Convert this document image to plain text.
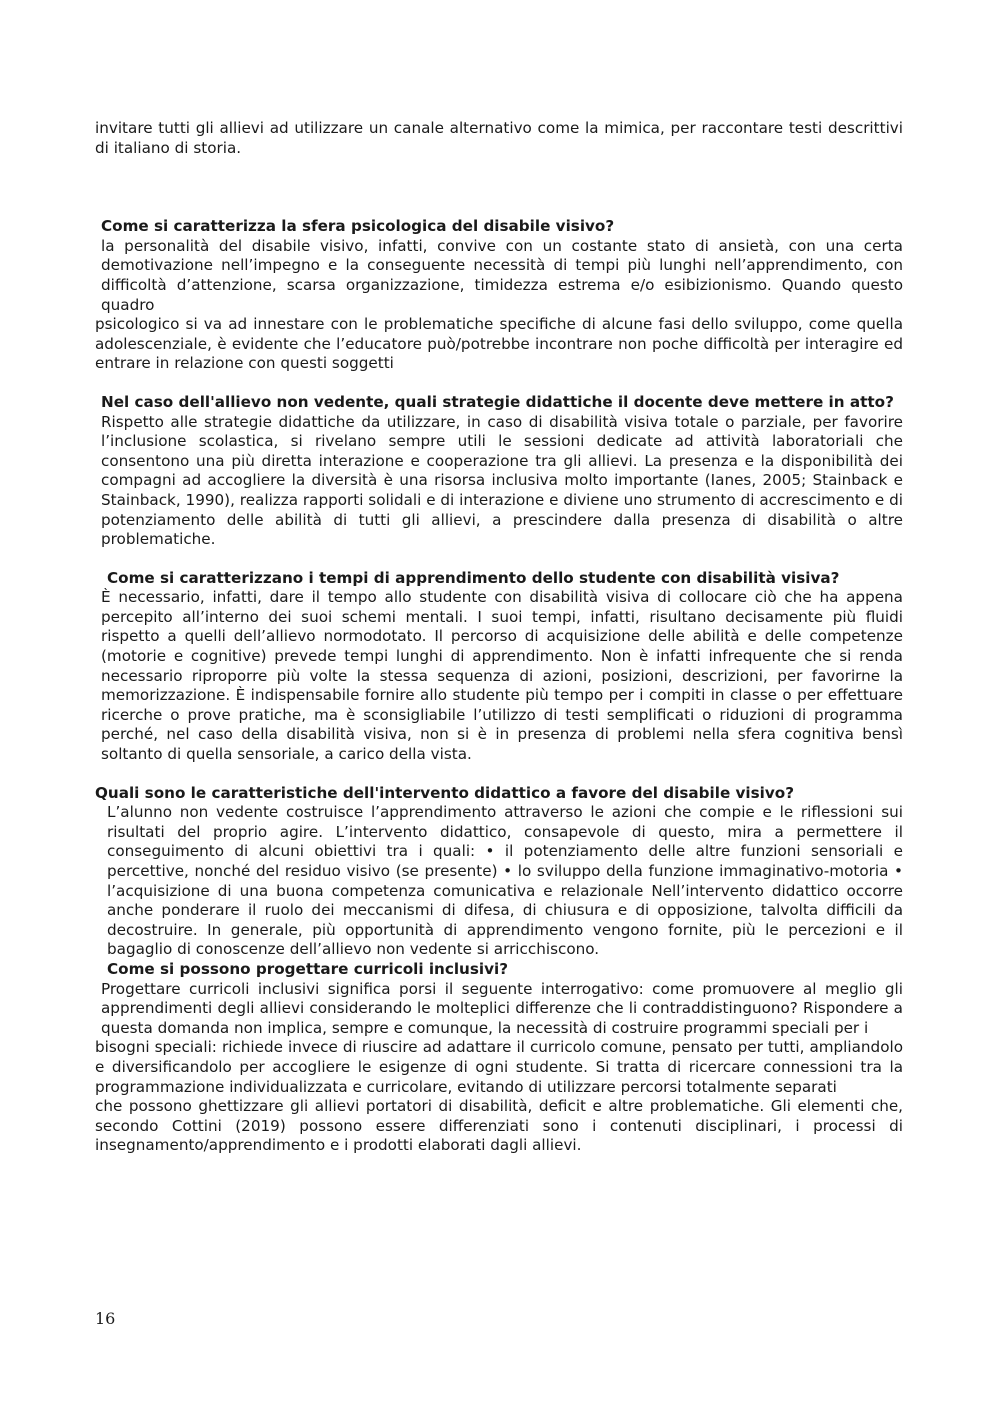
invitare tutti gli allievi ad utilizzare un canale alternativo come la mimica, per raccontare testi descrittivi di italiano di storia.

Come si caratterizza la sfera psicologica del disabile visivo?

la personalità del disabile visivo, infatti, convive con un costante stato di ansietà, con una certa demotivazione nell’impegno e la conseguente necessità di tempi più lunghi nell’apprendimento, con difficoltà d’attenzione, scarsa organizzazione, timidezza estrema e/o esibizionismo. Quando questo quadro

psicologico si va ad innestare con le problematiche specifiche di alcune fasi dello sviluppo, come quella adolescenziale, è evidente che l’educatore può/potrebbe incontrare non poche difficoltà per interagire ed entrare in relazione con questi soggetti

Nel caso dell'allievo non vedente, quali strategie didattiche il docente deve mettere in atto?

Rispetto alle strategie didattiche da utilizzare, in caso di disabilità visiva totale o parziale, per favorire l’inclusione scolastica, si rivelano sempre utili le sessioni dedicate ad attività laboratoriali che consentono una più diretta interazione e cooperazione tra gli allievi. La presenza e la disponibilità dei compagni ad accogliere la diversità è una risorsa inclusiva molto importante (Ianes, 2005; Stainback e Stainback, 1990), realizza rapporti solidali e di interazione e diviene uno strumento di accrescimento e di potenziamento delle abilità di tutti gli allievi, a prescindere dalla presenza di disabilità o altre problematiche.

Come si caratterizzano i tempi di apprendimento dello studente con disabilità visiva?

È necessario, infatti, dare il tempo allo studente con disabilità visiva di collocare ciò che ha appena percepito all’interno dei suoi schemi mentali. I suoi tempi, infatti, risultano decisamente più fluidi rispetto a quelli dell’allievo normodotato. Il percorso di acquisizione delle abilità e delle competenze (motorie e cognitive) prevede tempi lunghi di apprendimento. Non è infatti infrequente che si renda necessario riproporre più volte la stessa sequenza di azioni, posizioni, descrizioni, per favorirne la memorizzazione. È indispensabile fornire allo studente più tempo per i compiti in classe o per effettuare ricerche o prove pratiche, ma è sconsigliabile l’utilizzo di testi semplificati o riduzioni di programma perché, nel caso della disabilità visiva, non si è in presenza di problemi nella sfera cognitiva bensì soltanto di quella sensoriale, a carico della vista.

Quali sono le caratteristiche dell'intervento didattico a favore del disabile visivo?

L’alunno non vedente costruisce l’apprendimento attraverso le azioni che compie e le riflessioni sui risultati del proprio agire. L’intervento didattico, consapevole di questo, mira a permettere il conseguimento di alcuni obiettivi tra i quali: • il potenziamento delle altre funzioni sensoriali e percettive, nonché del residuo visivo (se presente) • lo sviluppo della funzione immaginativo-motoria • l’acquisizione di una buona competenza comunicativa e relazionale Nell’intervento didattico occorre anche ponderare il ruolo dei meccanismi di difesa, di chiusura e di opposizione, talvolta difficili da decostruire. In generale, più opportunità di apprendimento vengono fornite, più le percezioni e il bagaglio di conoscenze dell’allievo non vedente si arricchiscono.

Come si possono progettare curricoli inclusivi?

Progettare curricoli inclusivi significa porsi il seguente interrogativo: come promuovere al meglio gli apprendimenti degli allievi considerando le molteplici differenze che li contraddistinguono? Rispondere a questa domanda non implica, sempre e comunque, la necessità di costruire programmi speciali per i

bisogni speciali: richiede invece di riuscire ad adattare il curricolo comune, pensato per tutti, ampliandolo e diversificandolo per accogliere le esigenze di ogni studente. Si tratta di ricercare connessioni tra la programmazione individualizzata e curricolare, evitando di utilizzare percorsi totalmente separati

che possono ghettizzare gli allievi portatori di disabilità, deficit e altre problematiche. Gli elementi che, secondo Cottini (2019) possono essere differenziati sono i contenuti disciplinari, i processi di insegnamento/apprendimento e i prodotti elaborati dagli allievi.

16
